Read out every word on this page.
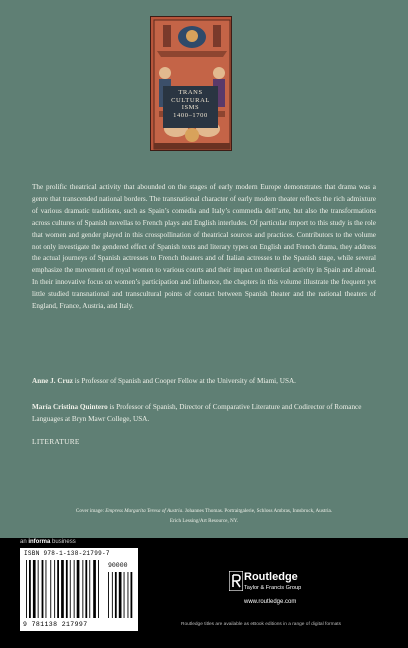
TRANS
CULTURAL
ISMS
1400–1700

The prolific theatrical activity that abounded on the stages of early modern Europe demonstrates that drama was a genre that transcended national borders. The transnational character of early modern theater reflects the rich admixture of various dramatic traditions, such as Spain’s comedia and Italy’s commedia dell’arte, but also the transformations across cultures of Spanish novellas to French plays and English interludes. Of particular import to this study is the role that women and gender played in this crosspollination of theatrical sources and practices. Contributors to the volume not only investigate the gendered effect of Spanish texts and literary types on English and French drama, they address the actual journeys of Spanish actresses to French theaters and of Italian actresses to the Spanish stage, while several emphasize the movement of royal women to various courts and their impact on theatrical activity in Spain and abroad. In their innovative focus on women’s participation and influence, the chapters in this volume illustrate the frequent yet little studied transnational and transcultural points of contact between Spanish theater and the national theaters of England, France, Austria, and Italy.

Anne J. Cruz is Professor of Spanish and Cooper Fellow at the University of Miami, USA.
María Cristina Quintero is Professor of Spanish, Director of Comparative Literature and Codirector of Romance Languages at Bryn Mawr College, USA.
LITERATURE
Cover image: Empress Margarita Teresa of Austria. Johannes Thomas. Portraitgalerie, Schloss Ambras, Innsbruck, Austria.
Erich Lessing/Art Resource, NY.
an informa business
ISBN 978-1-138-21799-7
90000
9 781138 217997
Routledge
Taylor & Francis Group
www.routledge.com
Routledge titles are available as eBook editions in a range of digital formats
